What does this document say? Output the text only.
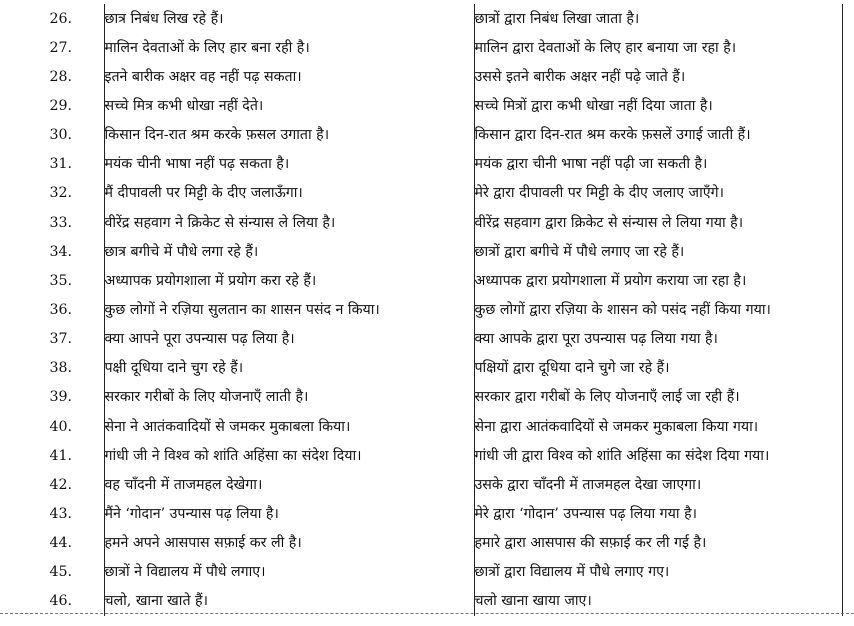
26.	छात्र निबंध लिख रहे हैं।	छात्रों द्वारा निबंध लिखा जाता है।
27.	मालिन देवताओं के लिए हार बना रही है।	मालिन द्वारा देवताओं के लिए हार बनाया जा रहा है।
28.	इतने बारीक अक्षर वह नहीं पढ़ सकता।	उससे इतने बारीक अक्षर नहीं पढ़े जाते हैं।
29.	सच्चे मित्र कभी धोखा नहीं देते।	सच्चे मित्रों द्वारा कभी धोखा नहीं दिया जाता है।
30.	किसान दिन-रात श्रम करके फ़सल उगाता है।	किसान द्वारा दिन-रात श्रम करके फ़सलें उगाई जाती हैं।
31.	मयंक चीनी भाषा नहीं पढ़ सकता है।	मयंक द्वारा चीनी भाषा नहीं पढ़ी जा सकती है।
32.	मैं दीपावली पर मिट्टी के दीए जलाऊँगा।	मेरे द्वारा दीपावली पर मिट्टी के दीए जलाए जाएँगे।
33.	वीरेंद्र सहवाग ने क्रिकेट से संन्यास ले लिया है।	वीरेंद्र सहवाग द्वारा क्रिकेट से संन्यास ले लिया गया है।
34.	छात्र बगीचे में पौधे लगा रहे हैं।	छात्रों द्वारा बगीचे में पौधे लगाए जा रहे हैं।
35.	अध्यापक प्रयोगशाला में प्रयोग करा रहे हैं।	अध्यापक द्वारा प्रयोगशाला में प्रयोग कराया जा रहा है।
36.	कुछ लोगों ने रज़िया सुलतान का शासन पसंद न किया।	कुछ लोगों द्वारा रज़िया के शासन को पसंद नहीं किया गया।
37.	क्या आपने पूरा उपन्यास पढ़ लिया है।	क्या आपके द्वारा पूरा उपन्यास पढ़ लिया गया है।
38.	पक्षी दूधिया दाने चुग रहे हैं।	पक्षियों द्वारा दूधिया दाने चुगे जा रहे हैं।
39.	सरकार गरीबों के लिए योजनाएँ लाती है।	सरकार द्वारा गरीबों के लिए योजनाएँ लाई जा रही हैं।
40.	सेना ने आतंकवादियों से जमकर मुकाबला किया।	सेना द्वारा आतंकवादियों से जमकर मुकाबला किया गया।
41.	गांधी जी ने विश्व को शांति अहिंसा का संदेश दिया।	गांधी जी द्वारा विश्व को शांति अहिंसा का संदेश दिया गया।
42.	वह चाँदनी में ताजमहल देखेगा।	उसके द्वारा चाँदनी में ताजमहल देखा जाएगा।
43.	मैंने ‘गोदान’ उपन्यास पढ़ लिया है।	मेरे द्वारा ‘गोदान’ उपन्यास पढ़ लिया गया है।
44.	हमने अपने आसपास सफ़ाई कर ली है।	हमारे द्वारा आसपास की सफ़ाई कर ली गई है।
45.	छात्रों ने विद्यालय में पौधे लगाए।	छात्रों द्वारा विद्यालय में पौधे लगाए गए।
46.	चलो, खाना खाते हैं।	चलो खाना खाया जाए।
